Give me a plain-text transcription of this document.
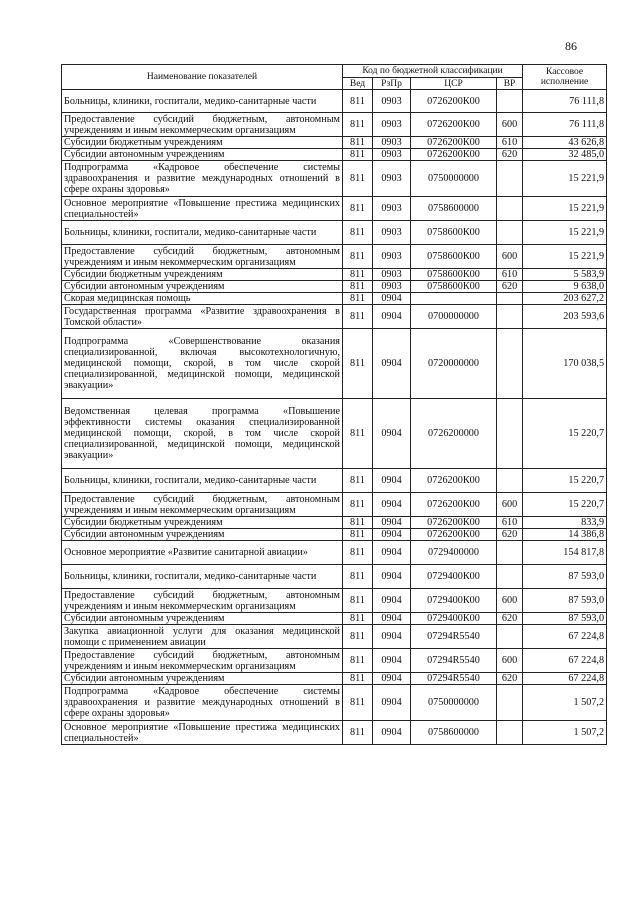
86
Наименование показателей	Код по бюджетной классификации				Кассовое исполнение
	Вед	РзПр	ЦСР	ВР	
Больницы, клиники, госпитали, медико-санитарные части	811	0903	0726200К00		76 111,8
Предоставление субсидий бюджетным, автономным учреждениям и иным некоммерческим организациям	811	0903	0726200К00	600	76 111,8
Субсидии бюджетным учреждениям	811	0903	0726200К00	610	43 626,8
Субсидии автономным учреждениям	811	0903	0726200К00	620	32 485,0
Подпрограмма «Кадровое обеспечение системы здравоохранения и развитие международных отношений в сфере охраны здоровья»	811	0903	0750000000		15 221,9
Основное мероприятие «Повышение престижа медицинских специальностей»	811	0903	0758600000		15 221,9
Больницы, клиники, госпитали, медико-санитарные части	811	0903	0758600К00		15 221,9
Предоставление субсидий бюджетным, автономным учреждениям и иным некоммерческим организациям	811	0903	0758600К00	600	15 221,9
Субсидии бюджетным учреждениям	811	0903	0758600К00	610	5 583,9
Субсидии автономным учреждениям	811	0903	0758600К00	620	9 638,0
Скорая медицинская помощь	811	0904			203 627,2
Государственная программа «Развитие здравоохранения в Томской области»	811	0904	0700000000		203 593,6
Подпрограмма «Совершенствование оказания специализированной, включая высокотехнологичную, медицинской помощи, скорой, в том числе скорой специализированной, медицинской помощи, медицинской эвакуации»	811	0904	0720000000		170 038,5
Ведомственная целевая программа «Повышение эффективности системы оказания специализированной медицинской помощи, скорой, в том числе скорой специализированной, медицинской помощи, медицинской эвакуации»	811	0904	0726200000		15 220,7
Больницы, клиники, госпитали, медико-санитарные части	811	0904	0726200К00		15 220,7
Предоставление субсидий бюджетным, автономным учреждениям и иным некоммерческим организациям	811	0904	0726200К00	600	15 220,7
Субсидии бюджетным учреждениям	811	0904	0726200К00	610	833,9
Субсидии автономным учреждениям	811	0904	0726200К00	620	14 386,8
Основное мероприятие «Развитие санитарной авиации»	811	0904	0729400000		154 817,8
Больницы, клиники, госпитали, медико-санитарные части	811	0904	0729400К00		87 593,0
Предоставление субсидий бюджетным, автономным учреждениям и иным некоммерческим организациям	811	0904	0729400К00	600	87 593,0
Субсидии автономным учреждениям	811	0904	0729400К00	620	87 593,0
Закупка авиационной услуги для оказания медицинской помощи с применением авиации	811	0904	07294R5540		67 224,8
Предоставление субсидий бюджетным, автономным учреждениям и иным некоммерческим организациям	811	0904	07294R5540	600	67 224,8
Субсидии автономным учреждениям	811	0904	07294R5540	620	67 224,8
Подпрограмма «Кадровое обеспечение системы здравоохранения и развитие международных отношений в сфере охраны здоровья»	811	0904	0750000000		1 507,2
Основное мероприятие «Повышение престижа медицинских специальностей»	811	0904	0758600000		1 507,2
